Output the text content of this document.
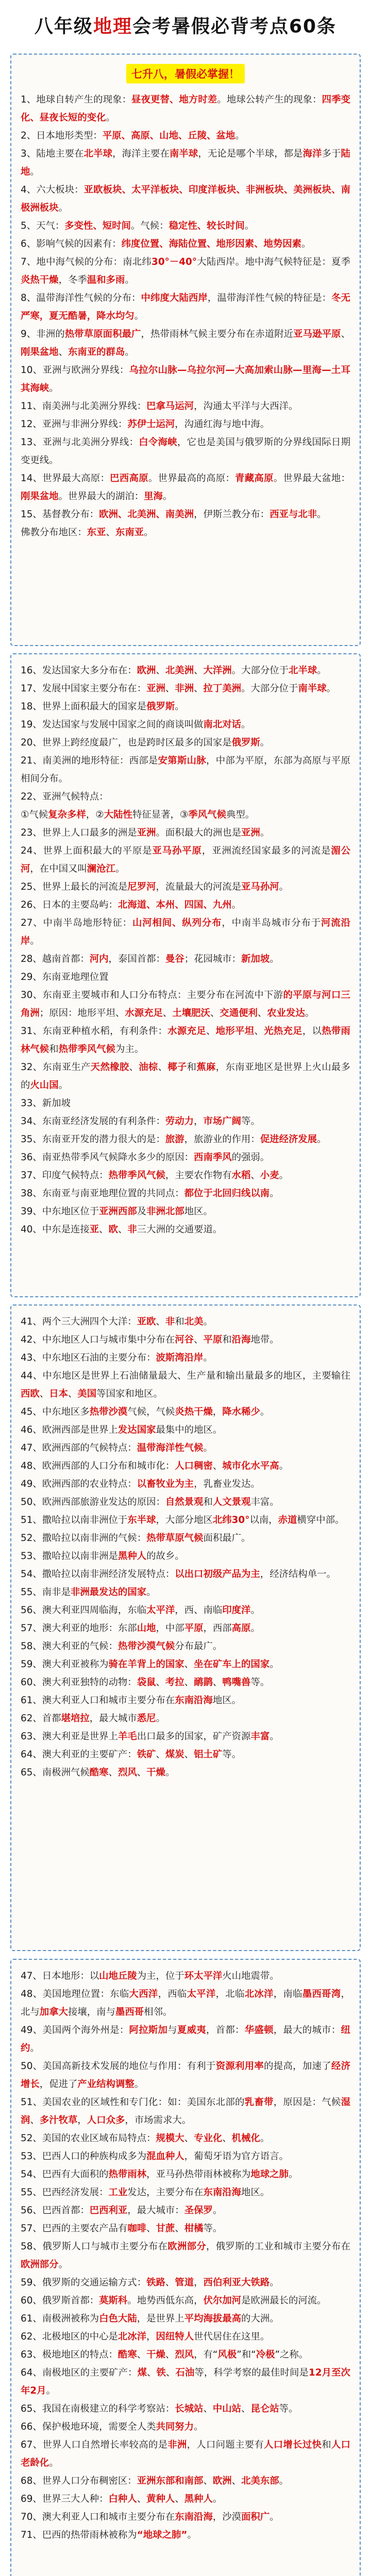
八年级地理会考暑假必背考点60条
七升八，暑假必掌握！
1、地球自转产生的现象：昼夜更替、地方时差。地球公转产生的现象：四季变化、昼夜长短的变化。
2、日本地形类型：平原、高原、山地、丘陵、盆地。
3、陆地主要在北半球，海洋主要在南半球，无论是哪个半球，都是海洋多于陆地。
4、六大板块：亚欧板块、太平洋板块、印度洋板块、非洲板块、美洲板块、南极洲板块。
5、天气：多变性、短时间。气候：稳定性、较长时间。
6、影响气候的因素有：纬度位置、海陆位置、地形因素、地势因素。
7、地中海气候的分布：南北纬30°－40°大陆西岸。地中海气候特征是：夏季炎热干燥，冬季温和多雨。
8、温带海洋性气候的分布：中纬度大陆西岸，温带海洋性气候的特征是：冬无严寒，夏无酷暑，降水均匀。
9、非洲的热带草原面积最广，热带雨林气候主要分布在赤道附近亚马逊平原、刚果盆地、东南亚的群岛。
10、亚洲与欧洲分界线：乌拉尔山脉—乌拉尔河—大高加索山脉—里海—土耳其海峡。
11、南美洲与北美洲分界线：巴拿马运河，沟通太平洋与大西洋。
12、亚洲与非洲分界线：苏伊士运河，沟通红海与地中海。
13、亚洲与北美洲分界线：白令海峡，它也是美国与俄罗斯的分界线国际日期变更线。
14、世界最大高原：巴西高原。世界最高的高原：青藏高原。世界最大盆地：刚果盆地。世界最大的湖泊：里海。
15、基督教分布：欧洲、北美洲、南美洲，伊斯兰教分布：西亚与北非。
佛教分布地区：东亚、东南亚。
16、发达国家大多分布在：欧洲、北美洲、大洋洲。大部分位于北半球。
17、发展中国家主要分布在：亚洲、非洲、拉丁美洲。大部分位于南半球。
18、世界上面积最大的国家是俄罗斯。
19、发达国家与发展中国家之间的商谈叫做南北对话。
20、世界上跨经度最广，也是跨时区最多的国家是俄罗斯。
21、南美洲的地形特征：西部是安第斯山脉，中部为平原，东部为高原与平原相间分布。
22、亚洲气候特点：
①气候复杂多样，②大陆性特征显著，③季风气候典型。
23、世界上人口最多的洲是亚洲。面积最大的洲也是亚洲。
24、世界上面积最大的平原是亚马孙平原，亚洲流经国家最多的河流是湄公河，在中国又叫澜沧江。
25、世界上最长的河流是尼罗河，流量最大的河流是亚马孙河。
26、日本的主要岛屿：北海道、本州、四国、九州。
27、中南半岛地形特征：山河相间、纵列分布，中南半岛城市分布于河流沿岸。
28、越南首都：河内，泰国首都：曼谷；花园城市：新加坡。
29、东南亚地理位置
30、东南亚主要城市和人口分布特点：主要分布在河流中下游的平原与河口三角洲；原因：地形平坦、水源充足、土壤肥沃、交通便利、农业发达。
31、东南亚种植水稻，有利条件：水源充足、地形平坦、光热充足，以热带雨林气候和热带季风气候为主。
32、东南亚生产天然橡胶、油棕、椰子和蕉麻，东南亚地区是世界上火山最多的火山国。
33、新加坡
34、东南亚经济发展的有利条件：劳动力，市场广阔等。
35、东南亚开发的潜力很大的是：旅游，旅游业的作用：促进经济发展。
36、南亚热带季风气候降水多少的原因：西南季风的强弱。
37、印度气候特点：热带季风气候，主要农作物有水稻、小麦。
38、东南亚与南亚地理位置的共同点：都位于北回归线以南。
39、中东地区位于亚洲西部及非洲北部地区。
40、中东是连接亚、欧、非三大洲的交通要道。
41、两个三大洲四个大洋：亚欧、非和北美。
42、中东地区人口与城市集中分布在河谷、平原和沿海地带。
43、中东地区石油的主要分布：波斯湾沿岸。
44、中东地区是世界上石油储量最大、生产量和输出量最多的地区，主要输往西欧、日本、美国等国家和地区。
45、中东地区多热带沙漠气候，气候炎热干燥，降水稀少。
46、欧洲西部是世界上发达国家最集中的地区。
47、欧洲西部的气候特点：温带海洋性气候。
48、欧洲西部的人口分布和城市化：人口稠密、城市化水平高。
49、欧洲西部的农业特点：以畜牧业为主，乳畜业发达。
50、欧洲西部旅游业发达的原因：自然景观和人文景观丰富。
51、撒哈拉以南非洲位于东半球，大部分地区北纬30°以南，赤道横穿中部。
52、撒哈拉以南非洲的气候：热带草原气候面积最广。
53、撒哈拉以南非洲是黑种人的故乡。
54、撒哈拉以南非洲经济发展特点：以出口初级产品为主，经济结构单一。
55、南非是非洲最发达的国家。
56、澳大利亚四周临海，东临太平洋，西、南临印度洋。
57、澳大利亚的地形：东部山地，中部平原，西部高原。
58、澳大利亚的气候：热带沙漠气候分布最广。
59、澳大利亚被称为骑在羊背上的国家、坐在矿车上的国家。
60、澳大利亚独特的动物：袋鼠、考拉、鸸鹋、鸭嘴兽等。
61、澳大利亚人口和城市主要分布在东南沿海地区。
62、首都堪培拉，最大城市悉尼。
63、澳大利亚是世界上羊毛出口最多的国家，矿产资源丰富。
64、澳大利亚的主要矿产：铁矿、煤炭、铝土矿等。
65、南极洲气候酷寒、烈风、干燥。
47、日本地形：以山地丘陵为主，位于环太平洋火山地震带。
48、美国地理位置：东临大西洋，西临太平洋，北临北冰洋，南临墨西哥湾，北与加拿大接壤，南与墨西哥相邻。
49、美国两个海外州是：阿拉斯加与夏威夷，首都：华盛顿，最大的城市：纽约。
50、美国高新技术发展的地位与作用：有利于资源利用率的提高，加速了经济增长，促进了产业结构调整。
51、美国农业的区域性和专门化：如：美国东北部的乳畜带，原因是：气候湿润、多汁牧草，人口众多，市场需求大。
52、美国的农业区域布局特点：规模大、专业化、机械化。
53、巴西人口的种族构成多为混血种人，葡萄牙语为官方语言。
54、巴西有大面积的热带雨林，亚马孙热带雨林被称为地球之肺。
55、巴西经济发展：工业发达，主要分布在东南沿海地区。
56、巴西首都：巴西利亚，最大城市：圣保罗。
57、巴西的主要农产品有咖啡、甘蔗、柑橘等。
58、俄罗斯人口与城市主要分布在欧洲部分，俄罗斯的工业和城市主要分布在欧洲部分。
59、俄罗斯的交通运输方式：铁路、管道，西伯利亚大铁路。
60、俄罗斯首都：莫斯科。地势西低东高，伏尔加河是欧洲最长的河流。
61、南极洲被称为白色大陆，是世界上平均海拔最高的大洲。
62、北极地区的中心是北冰洋，因纽特人世代居住在这里。
63、极地地区的特点：酷寒、干燥、烈风，有“风极”和“冷极”之称。
64、南极地区的主要矿产：煤、铁、石油等，科学考察的最佳时间是12月至次年2月。
65、我国在南极建立的科学考察站：长城站、中山站、昆仑站等。
66、保护极地环境，需要全人类共同努力。
67、世界人口自然增长率较高的是非洲，人口问题主要有人口增长过快和人口老龄化。
68、世界人口分布稠密区：亚洲东部和南部、欧洲、北美东部。
69、世界三大人种：白种人、黄种人、黑种人。
70、澳大利亚人口和城市主要分布在东南沿海，沙漠面积广。
71、巴西的热带雨林被称为“地球之肺”。
